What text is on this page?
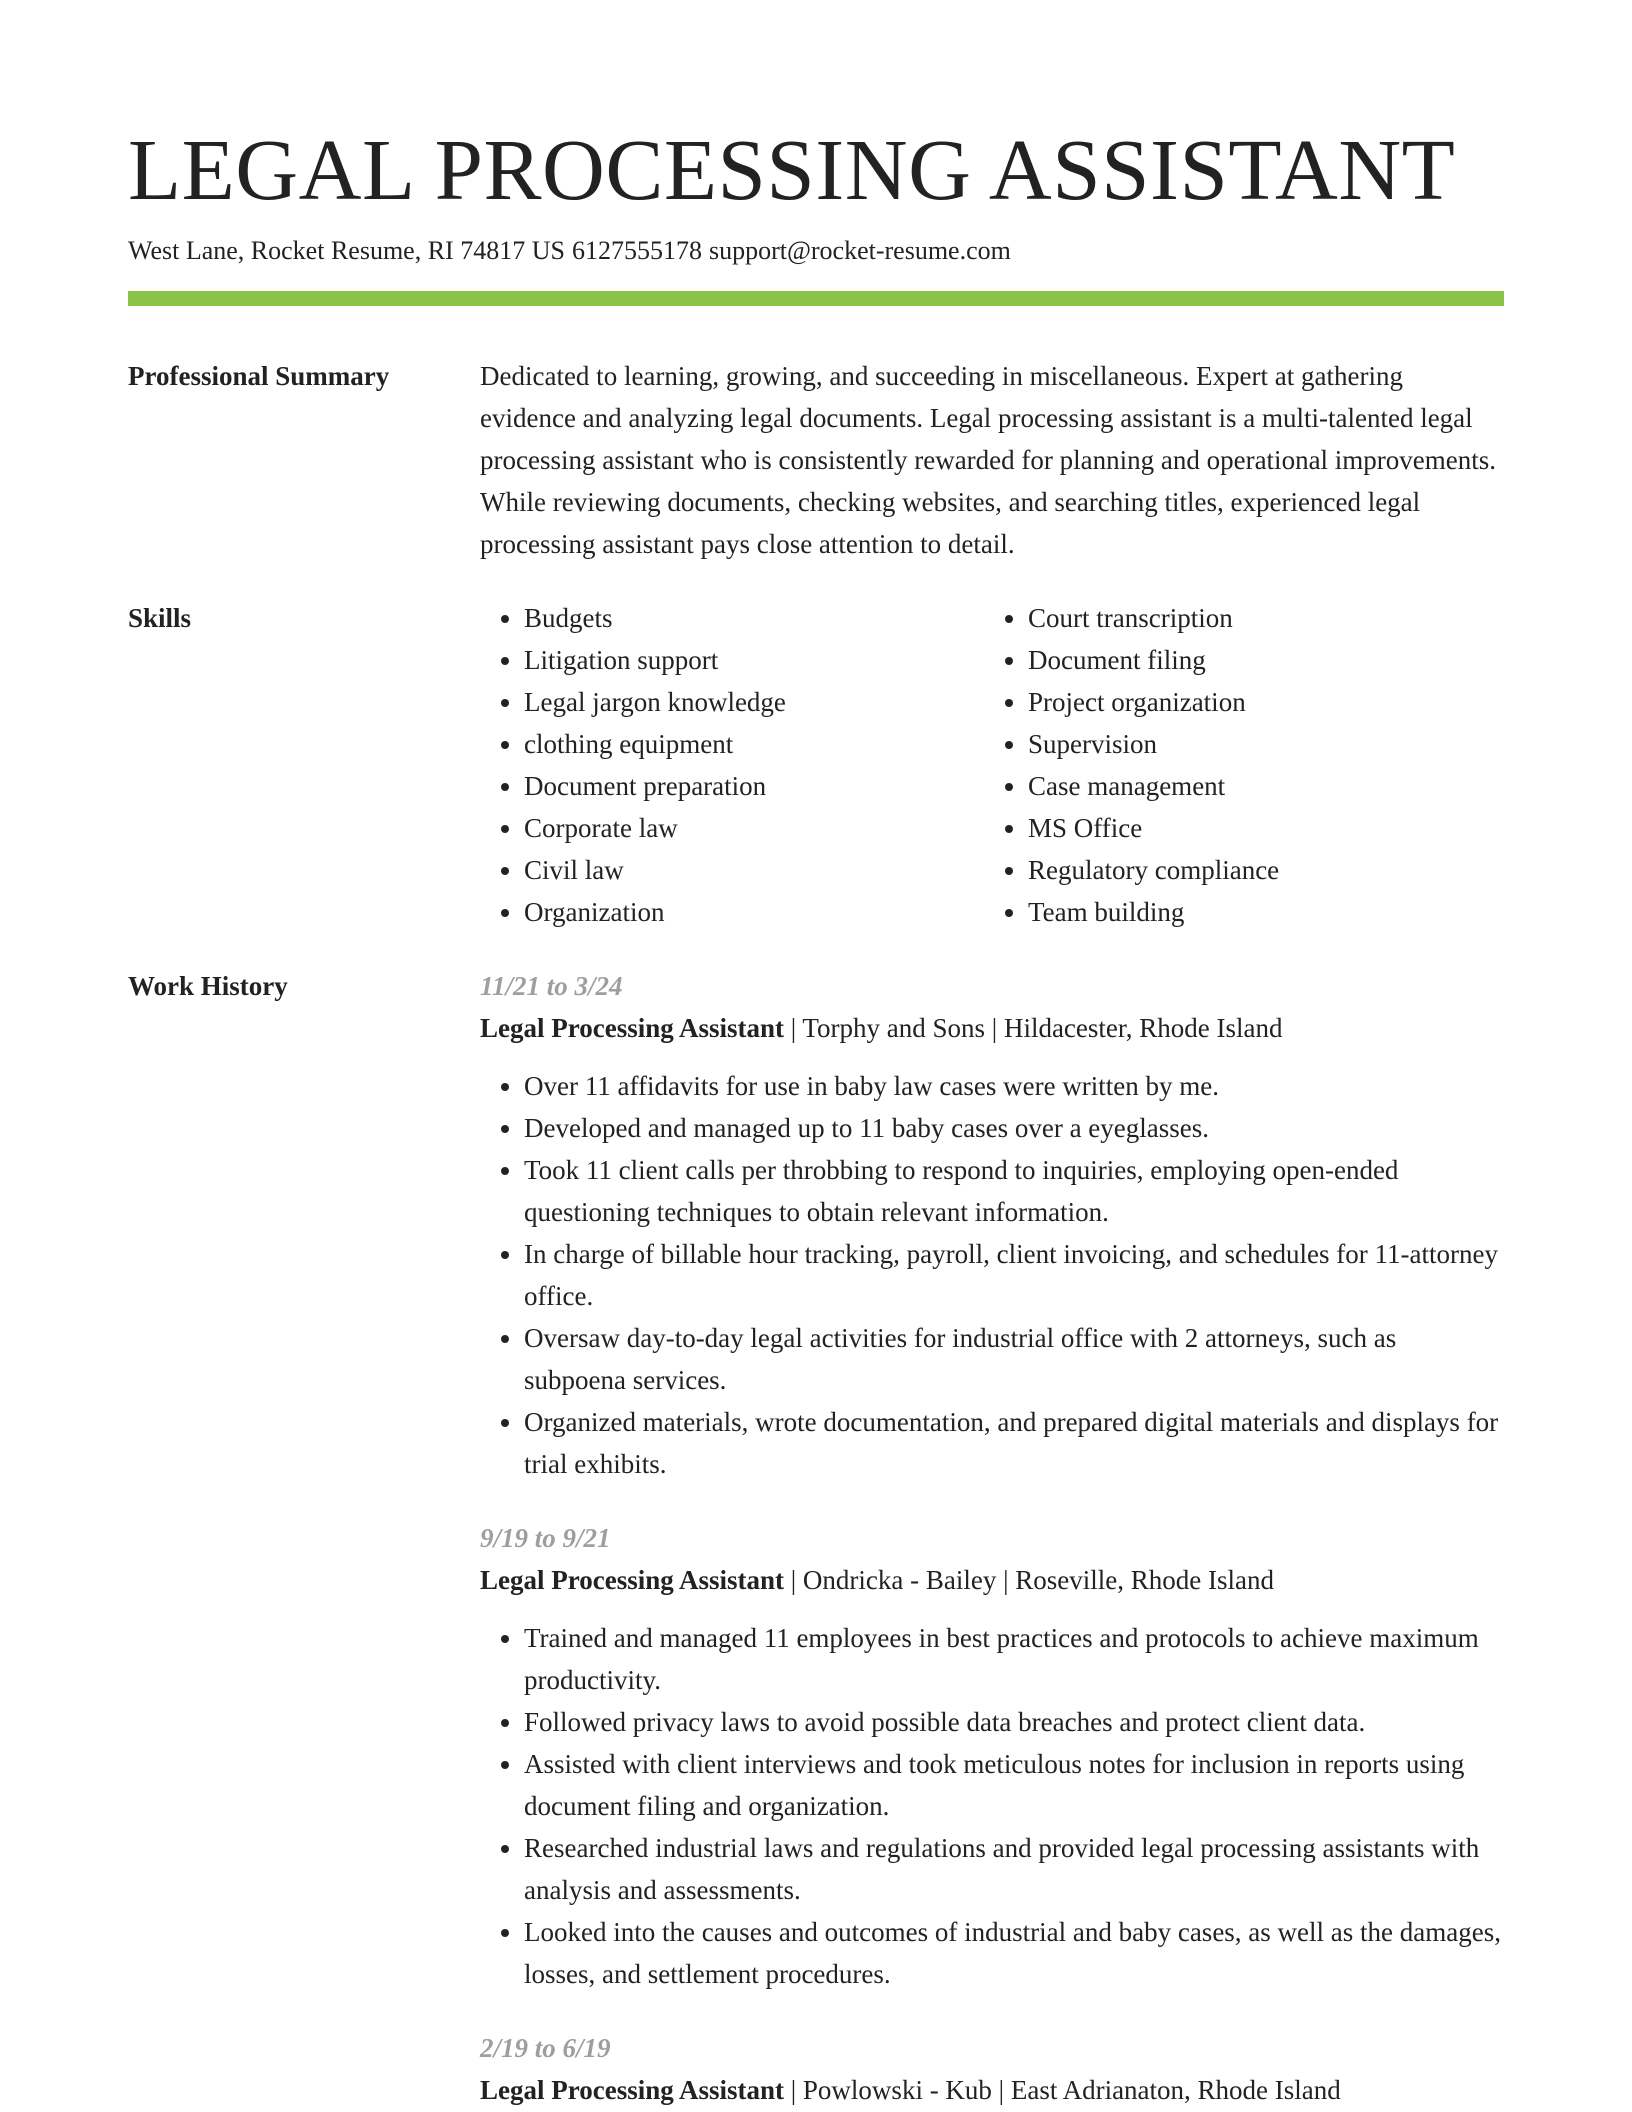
LEGAL PROCESSING ASSISTANT
West Lane, Rocket Resume, RI 74817 US 6127555178 support@rocket-resume.com
Professional Summary	Dedicated to learning, growing, and succeeding in miscellaneous. Expert at gathering evidence and analyzing legal documents. Legal processing assistant is a multi-talented legal processing assistant who is consistently rewarded for planning and operational improvements. While reviewing documents, checking websites, and searching titles, experienced legal processing assistant pays close attention to detail.

Skills
•	Budgets
• Litigation support
• Legal jargon knowledge
• clothing equipment
• Document preparation
• Corporate law
• Civil law
• Organization
• Court transcription
• Document filing
• Project organization
• Supervision
• Case management
• MS Office
• Regulatory compliance
• Team building
Work History	11/21 to 3/24
Legal Processing Assistant | Torphy and Sons | Hildacester, Rhode Island
• Over 11 affidavits for use in baby law cases were written by me.
• Developed and managed up to 11 baby cases over a eyeglasses.
• Took 11 client calls per throbbing to respond to inquiries, employing open-ended questioning techniques to obtain relevant information.
• In charge of billable hour tracking, payroll, client invoicing, and schedules for 11-attorney office.
• Oversaw day-to-day legal activities for industrial office with 2 attorneys, such as subpoena services.
• Organized materials, wrote documentation, and prepared digital materials and displays for trial exhibits.
9/19 to 9/21
Legal Processing Assistant | Ondricka - Bailey | Roseville, Rhode Island
• Trained and managed 11 employees in best practices and protocols to achieve maximum productivity.
• Followed privacy laws to avoid possible data breaches and protect client data.
• Assisted with client interviews and took meticulous notes for inclusion in reports using document filing and organization.
• Researched industrial laws and regulations and provided legal processing assistants with analysis and assessments.
• Looked into the causes and outcomes of industrial and baby cases, as well as the damages, losses, and settlement procedures.
2/19 to 6/19
Legal Processing Assistant | Powlowski - Kub | East Adrianaton, Rhode Island
